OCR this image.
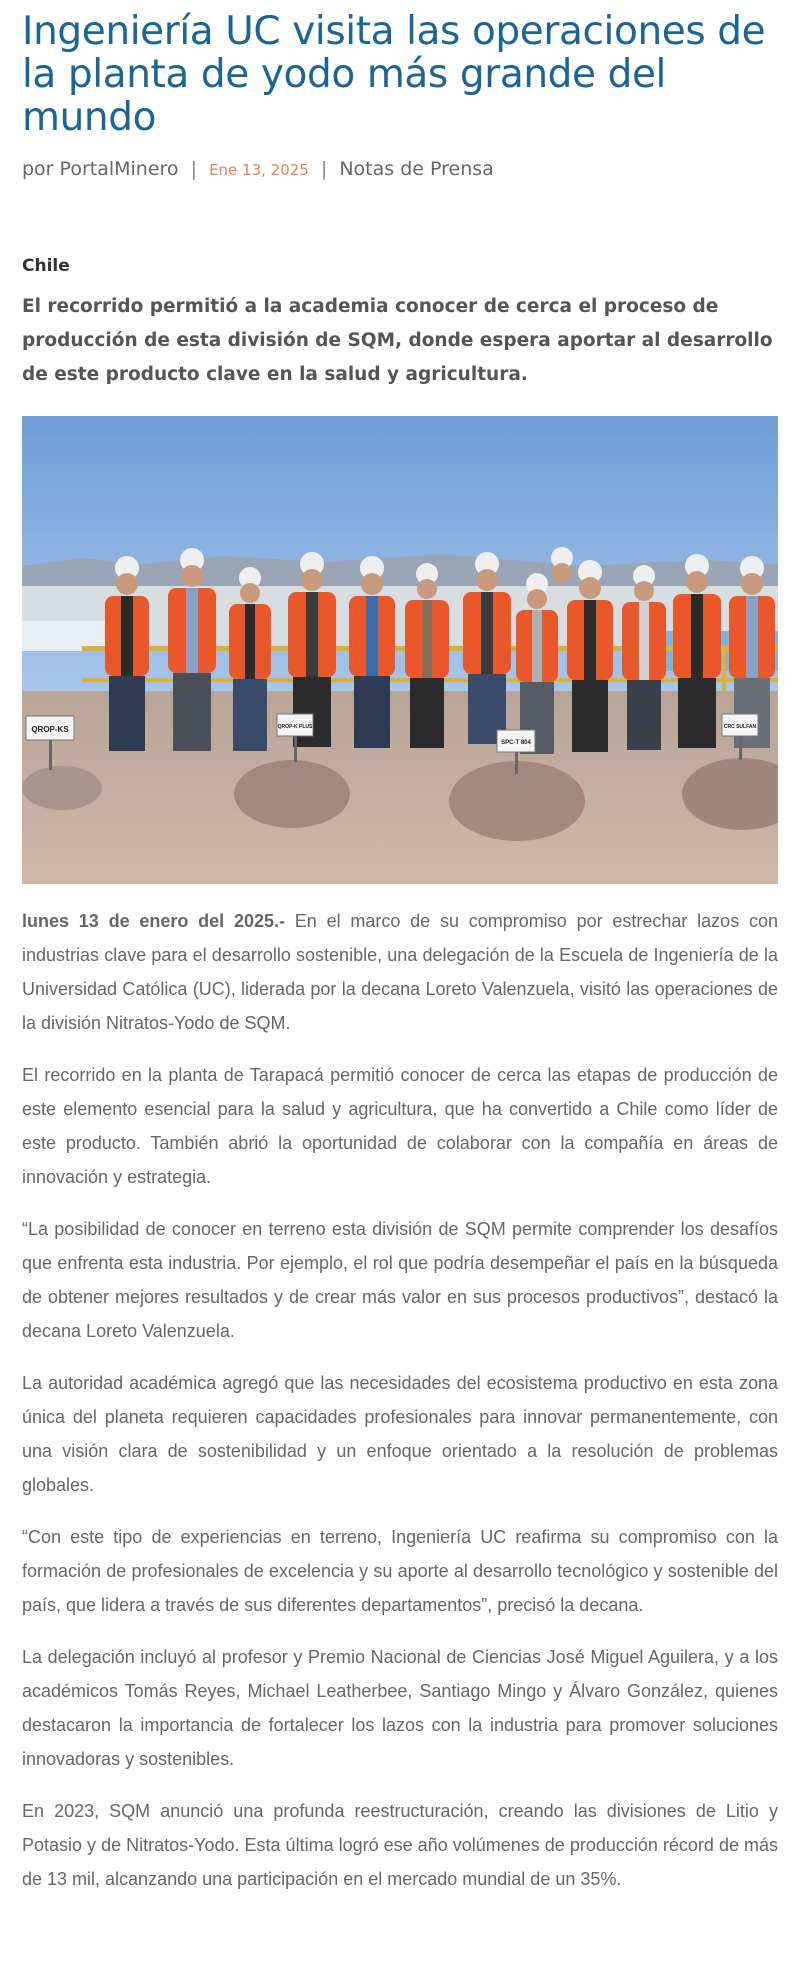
Ingeniería UC visita las operaciones de la planta de yodo más grande del mundo
por PortalMinero | Ene 13, 2025 | Notas de Prensa
Chile
El recorrido permitió a la academia conocer de cerca el proceso de producción de esta división de SQM, donde espera aportar al desarrollo de este producto clave en la salud y agricultura.
QROP-KS	QROP-K PLUS
SPC-T 804
CRC SULFAN

lunes 13 de enero del 2025.- En el marco de su compromiso por estrechar lazos con industrias clave para el desarrollo sostenible, una delegación de la Escuela de Ingeniería de la Universidad Católica (UC), liderada por la decana Loreto Valenzuela, visitó las operaciones de la división Nitratos-Yodo de SQM.

El recorrido en la planta de Tarapacá permitió conocer de cerca las etapas de producción de este elemento esencial para la salud y agricultura, que ha convertido a Chile como líder de este producto. También abrió la oportunidad de colaborar con la compañía en áreas de innovación y estrategia.

“La posibilidad de conocer en terreno esta división de SQM permite comprender los desafíos que enfrenta esta industria. Por ejemplo, el rol que podría desempeñar el país en la búsqueda de obtener mejores resultados y de crear más valor en sus procesos productivos”, destacó la decana Loreto Valenzuela.

La autoridad académica agregó que las necesidades del ecosistema productivo en esta zona única del planeta requieren capacidades profesionales para innovar permanentemente, con una visión clara de sostenibilidad y un enfoque orientado a la resolución de problemas globales.

“Con este tipo de experiencias en terreno, Ingeniería UC reafirma su compromiso con la formación de profesionales de excelencia y su aporte al desarrollo tecnológico y sostenible del país, que lidera a través de sus diferentes departamentos”, precisó la decana.

La delegación incluyó al profesor y Premio Nacional de Ciencias José Miguel Aguilera, y a los académicos Tomás Reyes, Michael Leatherbee, Santiago Mingo y Álvaro González, quienes destacaron la importancia de fortalecer los lazos con la industria para promover soluciones innovadoras y sostenibles.

En 2023, SQM anunció una profunda reestructuración, creando las divisiones de Litio y Potasio y de Nitratos-Yodo. Esta última logró ese año volúmenes de producción récord de más de 13 mil, alcanzando una participación en el mercado mundial de un 35%.
